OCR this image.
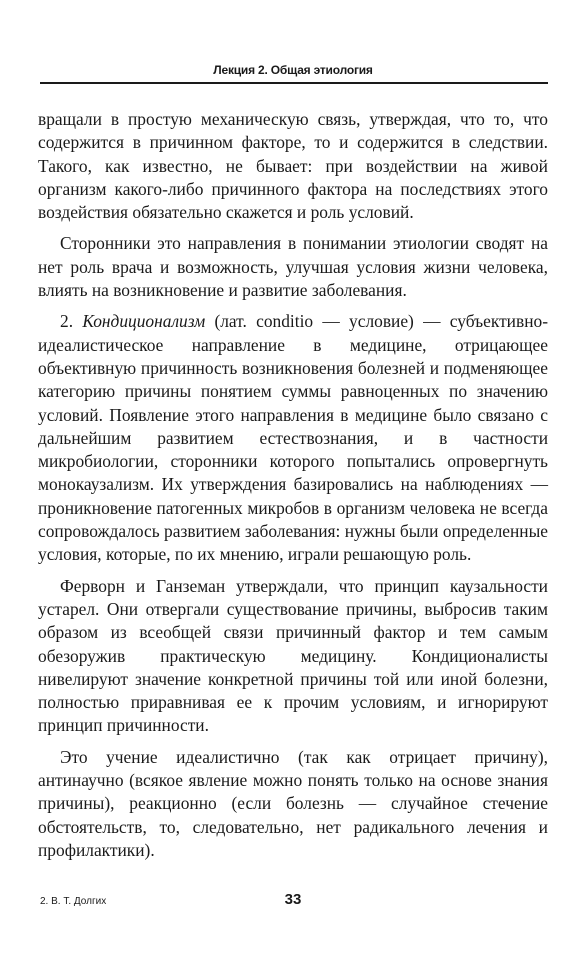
Лекция 2. Общая этиология

вращали в простую механическую связь, утверждая, что то, что содержится в причинном факторе, то и содержится в следствии. Такого, как известно, не бывает: при воздействии на живой организм какого-либо причинного фактора на последствиях этого воздействия обязательно скажется и роль условий.

Сторонники это направления в понимании этиологии сводят на нет роль врача и возможность, улучшая условия жизни человека, влиять на возникновение и развитие заболевания.

2. Кондиционализм (лат. conditio — условие) — субъективно-идеалистическое направление в медицине, отрицающее объективную причинность возникновения болезней и подменяющее категорию причины понятием суммы равноценных по значению условий. Появление этого направления в медицине было связано с дальнейшим развитием естествознания, и в частности микробиологии, сторонники которого попытались опровергнуть монокаузализм. Их утверждения базировались на наблюдениях — проникновение патогенных микробов в организм человека не всегда сопровождалось развитием заболевания: нужны были определенные условия, которые, по их мнению, играли решающую роль.

Ферворн и Ганземан утверждали, что принцип каузальности устарел. Они отвергали существование причины, выбросив таким образом из всеобщей связи причинный фактор и тем самым обезоружив практическую медицину. Кондиционалисты нивелируют значение конкретной причины той или иной болезни, полностью приравнивая ее к прочим условиям, и игнорируют принцип причинности.

Это учение идеалистично (так как отрицает причину), антинаучно (всякое явление можно понять только на основе знания причины), реакционно (если болезнь — случайное стечение обстоятельств, то, следовательно, нет радикального лечения и профилактики).

2. В. Т. Долгих	33
